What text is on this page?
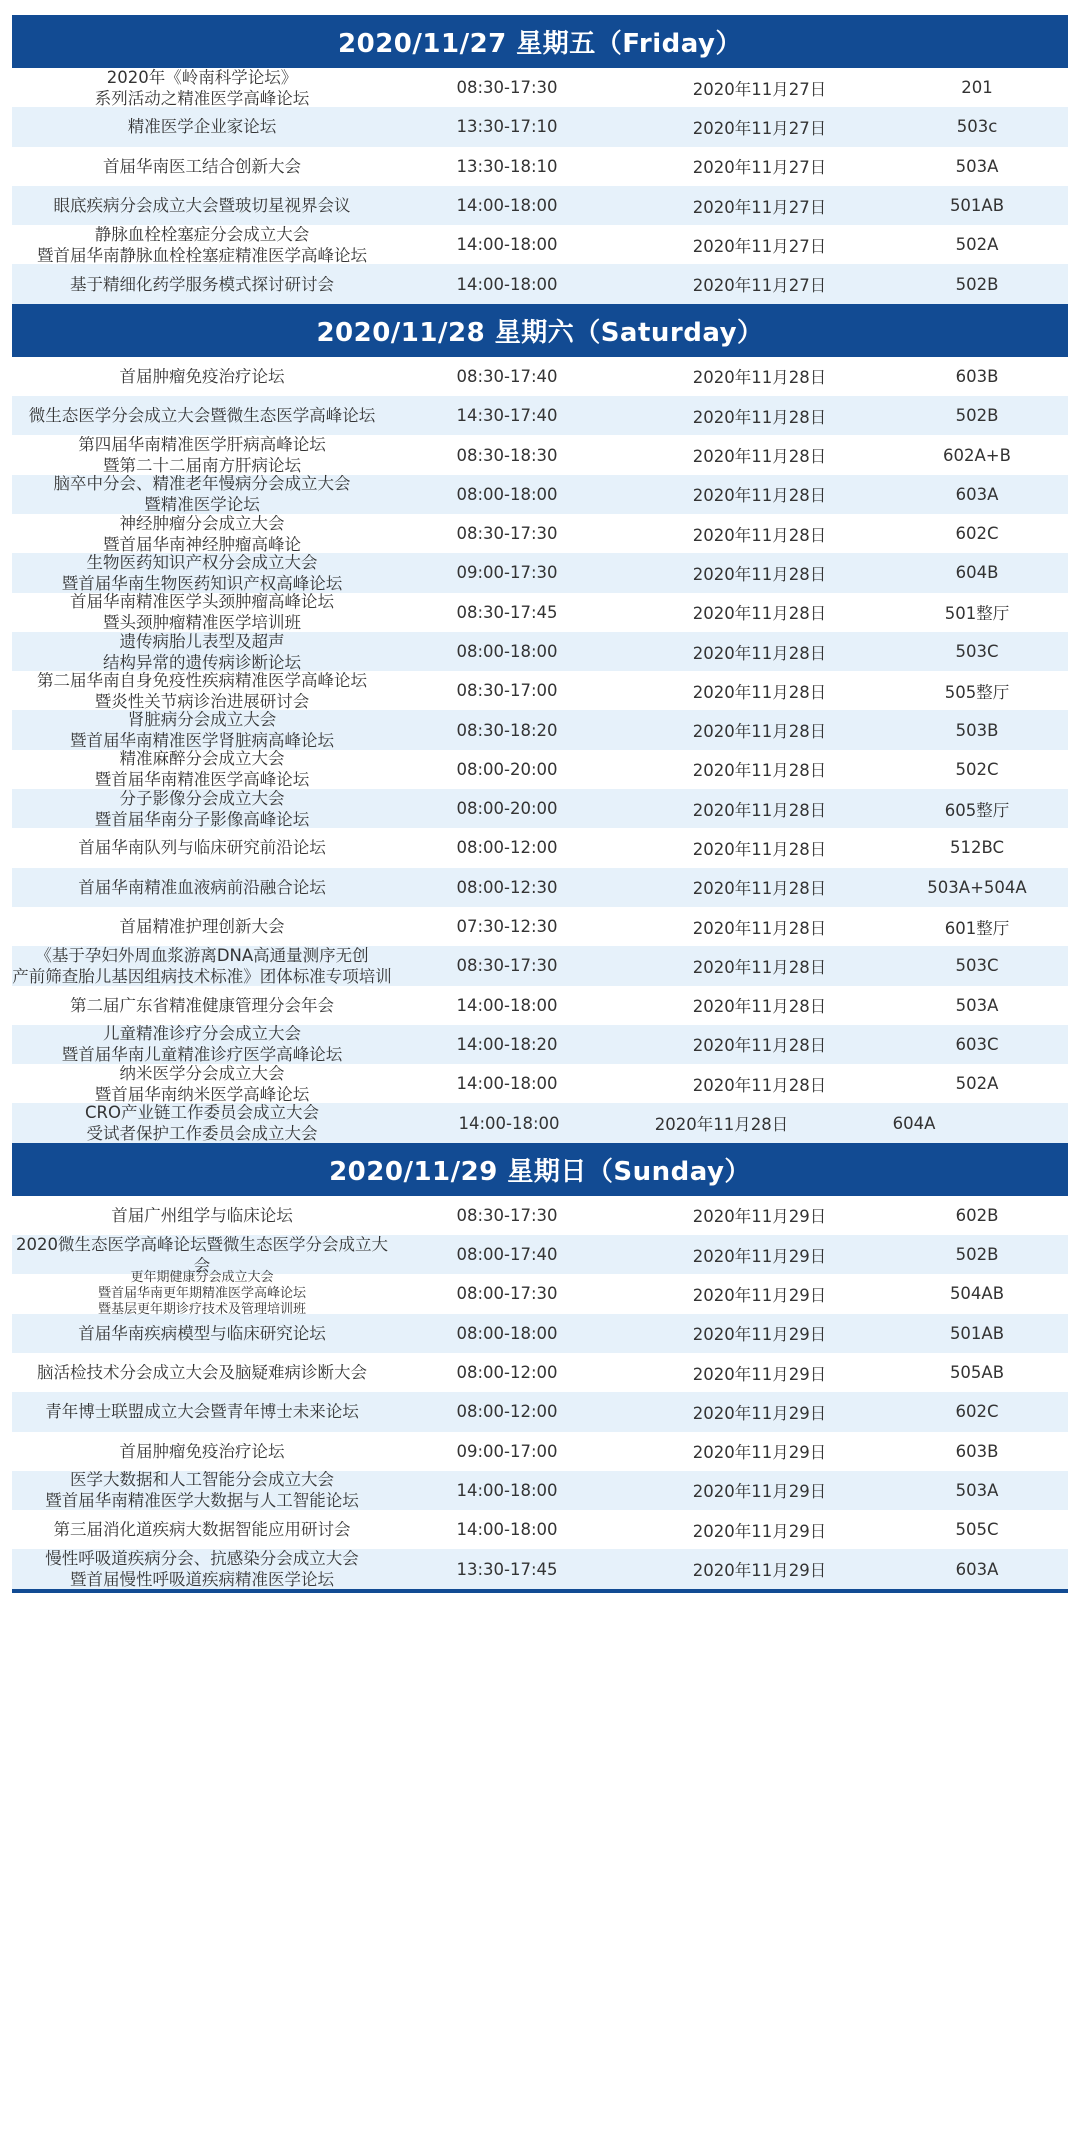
2020/11/27 星期五（Friday）
2020年《岭南科学论坛》
系列活动之精准医学高峰论坛
08:30-17:30	2020年11月27日	201
精准医学企业家论坛	13:30-17:10	2020年11月27日	503c
首届华南医工结合创新大会	13:30-18:10	2020年11月27日	503A
眼底疾病分会成立大会暨玻切星视界会议	14:00-18:00	2020年11月27日	501AB
静脉血栓栓塞症分会成立大会
暨首届华南静脉血栓栓塞症精准医学高峰论坛
14:00-18:00	2020年11月27日	502A
基于精细化药学服务模式探讨研讨会	14:00-18:00	2020年11月27日	502B
2020/11/28 星期六（Saturday）
首届肿瘤免疫治疗论坛	08:30-17:40	2020年11月28日	603B
微生态医学分会成立大会暨微生态医学高峰论坛	14:30-17:40	2020年11月28日	502B
第四届华南精准医学肝病高峰论坛
暨第二十二届南方肝病论坛
08:30-18:30	2020年11月28日	602A+B
脑卒中分会、精准老年慢病分会成立大会
暨精准医学论坛
08:00-18:00	2020年11月28日	603A
神经肿瘤分会成立大会
暨首届华南神经肿瘤高峰论
08:30-17:30	2020年11月28日	602C
生物医药知识产权分会成立大会
暨首届华南生物医药知识产权高峰论坛
09:00-17:30	2020年11月28日	604B
首届华南精准医学头颈肿瘤高峰论坛
暨头颈肿瘤精准医学培训班
08:30-17:45	2020年11月28日	501整厅
遗传病胎儿表型及超声
结构异常的遗传病诊断论坛
08:00-18:00	2020年11月28日	503C
第二届华南自身免疫性疾病精准医学高峰论坛
暨炎性关节病诊治进展研讨会
08:30-17:00	2020年11月28日	505整厅
肾脏病分会成立大会
暨首届华南精准医学肾脏病高峰论坛
08:30-18:20	2020年11月28日	503B
精准麻醉分会成立大会
暨首届华南精准医学高峰论坛
08:00-20:00	2020年11月28日	502C
分子影像分会成立大会
暨首届华南分子影像高峰论坛
08:00-20:00	2020年11月28日	605整厅
首届华南队列与临床研究前沿论坛	08:00-12:00	2020年11月28日	512BC
首届华南精准血液病前沿融合论坛	08:00-12:30	2020年11月28日	503A+504A
首届精准护理创新大会	07:30-12:30	2020年11月28日	601整厅
《基于孕妇外周血浆游离DNA高通量测序无创
产前筛查胎儿基因组病技术标准》团体标准专项培训
08:30-17:30	2020年11月28日	503C
第二届广东省精准健康管理分会年会	14:00-18:00	2020年11月28日	503A
儿童精准诊疗分会成立大会
暨首届华南儿童精准诊疗医学高峰论坛
14:00-18:20	2020年11月28日	603C
纳米医学分会成立大会
暨首届华南纳米医学高峰论坛
14:00-18:00	2020年11月28日	502A
CRO产业链工作委员会成立大会
受试者保护工作委员会成立大会
14:00-18:00	2020年11月28日	604A
2020/11/29 星期日（Sunday）
首届广州组学与临床论坛	08:30-17:30	2020年11月29日	602B
2020微生态医学高峰论坛暨微生态医学分会成立大会
08:00-17:40	2020年11月29日	502B
更年期健康分会成立大会
暨首届华南更年期精准医学高峰论坛
暨基层更年期诊疗技术及管理培训班
08:00-17:30	2020年11月29日	504AB
首届华南疾病模型与临床研究论坛	08:00-18:00	2020年11月29日	501AB
脑活检技术分会成立大会及脑疑难病诊断大会	08:00-12:00	2020年11月29日	505AB
青年博士联盟成立大会暨青年博士未来论坛	08:00-12:00	2020年11月29日	602C
首届肿瘤免疫治疗论坛	09:00-17:00	2020年11月29日	603B
医学大数据和人工智能分会成立大会
暨首届华南精准医学大数据与人工智能论坛
14:00-18:00	2020年11月29日	503A
第三届消化道疾病大数据智能应用研讨会	14:00-18:00	2020年11月29日	505C
慢性呼吸道疾病分会、抗感染分会成立大会
暨首届慢性呼吸道疾病精准医学论坛
13:30-17:45	2020年11月29日	603A
